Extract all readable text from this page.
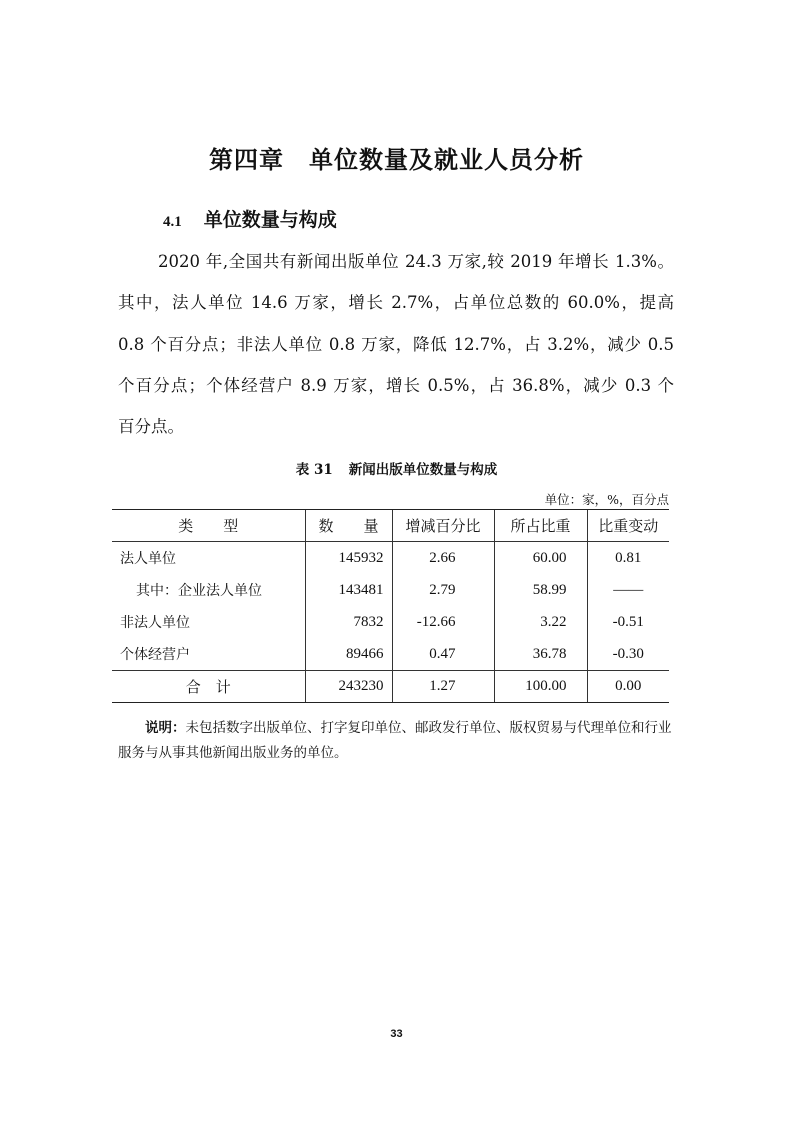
第四章　单位数量及就业人员分析
4.1 单位数量与构成
2020 年,全国共有新闻出版单位 24.3 万家,较 2019 年增长 1.3%。
其中，法人单位 14.6 万家，增长 2.7%，占单位总数的 60.0%，提高
0.8 个百分点；非法人单位 0.8 万家，降低 12.7%，占 3.2%，减少 0.5
个百分点；个体经营户 8.9 万家，增长 0.5%，占 36.8%，减少 0.3 个
百分点。
表 31 新闻出版单位数量与构成
单位：家，%，百分点
类　　型	数　　量	增减百分比	所占比重	比重变动
法人单位	145932	2.66	60.00	0.81
其中：企业法人单位	143481	2.79	58.99	——
非法人单位	7832	-12.66	3.22	-0.51
个体经营户	89466	0.47	36.78	-0.30
合　计	243230	1.27	100.00	0.00
说明：未包括数字出版单位、打字复印单位、邮政发行单位、版权贸易与代理单位和行业服务与从事其他新闻出版业务的单位。
33
